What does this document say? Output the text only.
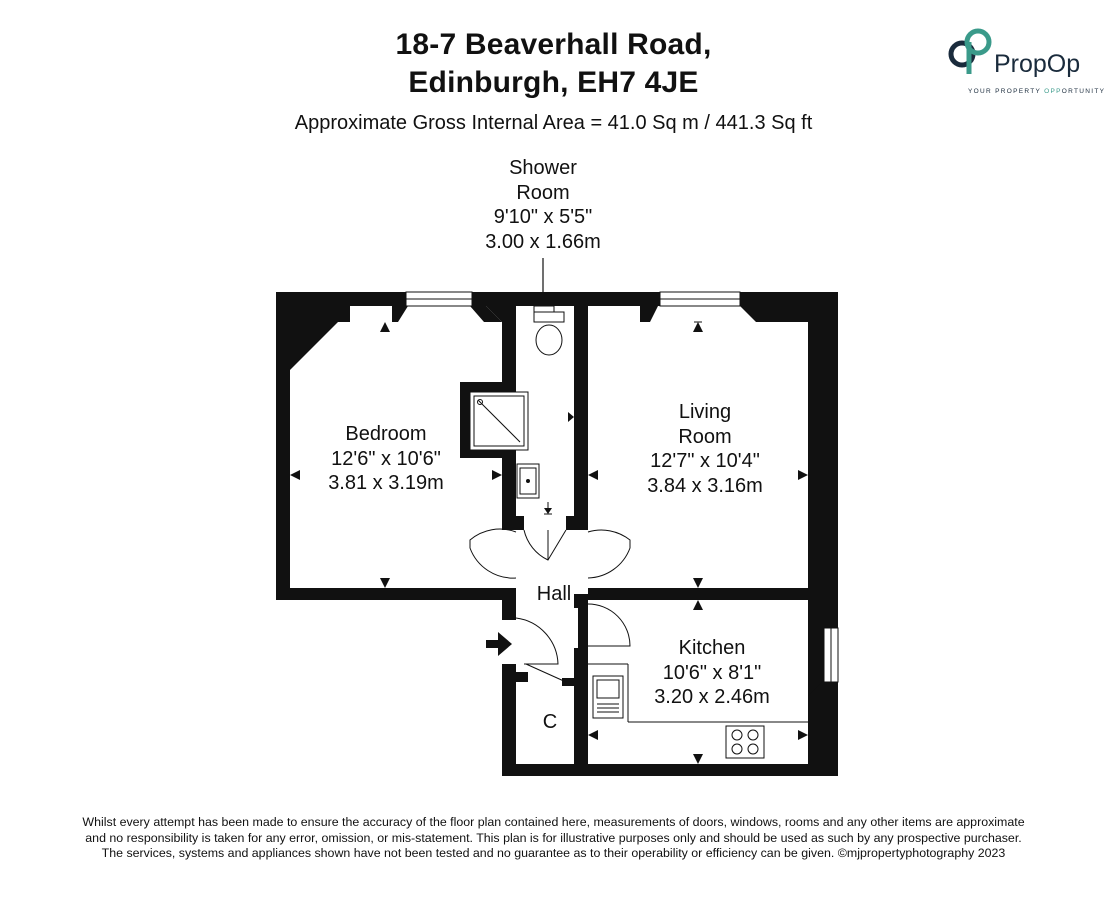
18-7 Beaverhall Road,
Edinburgh, EH7 4JE
Approximate Gross Internal Area = 41.0 Sq m / 441.3 Sq ft
PropOp
YOUR PROPERTY OPPORTUNITY
Shower
Room
9'10" x 5'5"
3.00 x 1.66m
Bedroom
12'6" x 10'6"
3.81 x 3.19m
Living
Room
12'7" x 10'4"
3.84 x 3.16m
Kitchen
10'6" x 8'1"
3.20 x 2.46m
Hall
C
Whilst every attempt has been made to ensure the accuracy of the floor plan contained here, measurements of doors, windows, rooms and any other items are approximate
and no responsibility is taken for any error, omission, or mis-statement. This plan is for illustrative purposes only and should be used as such by any prospective purchaser.
The services, systems and appliances shown have not been tested and no guarantee as to their operability or efficiency can be given. ©mjpropertyphotography 2023
